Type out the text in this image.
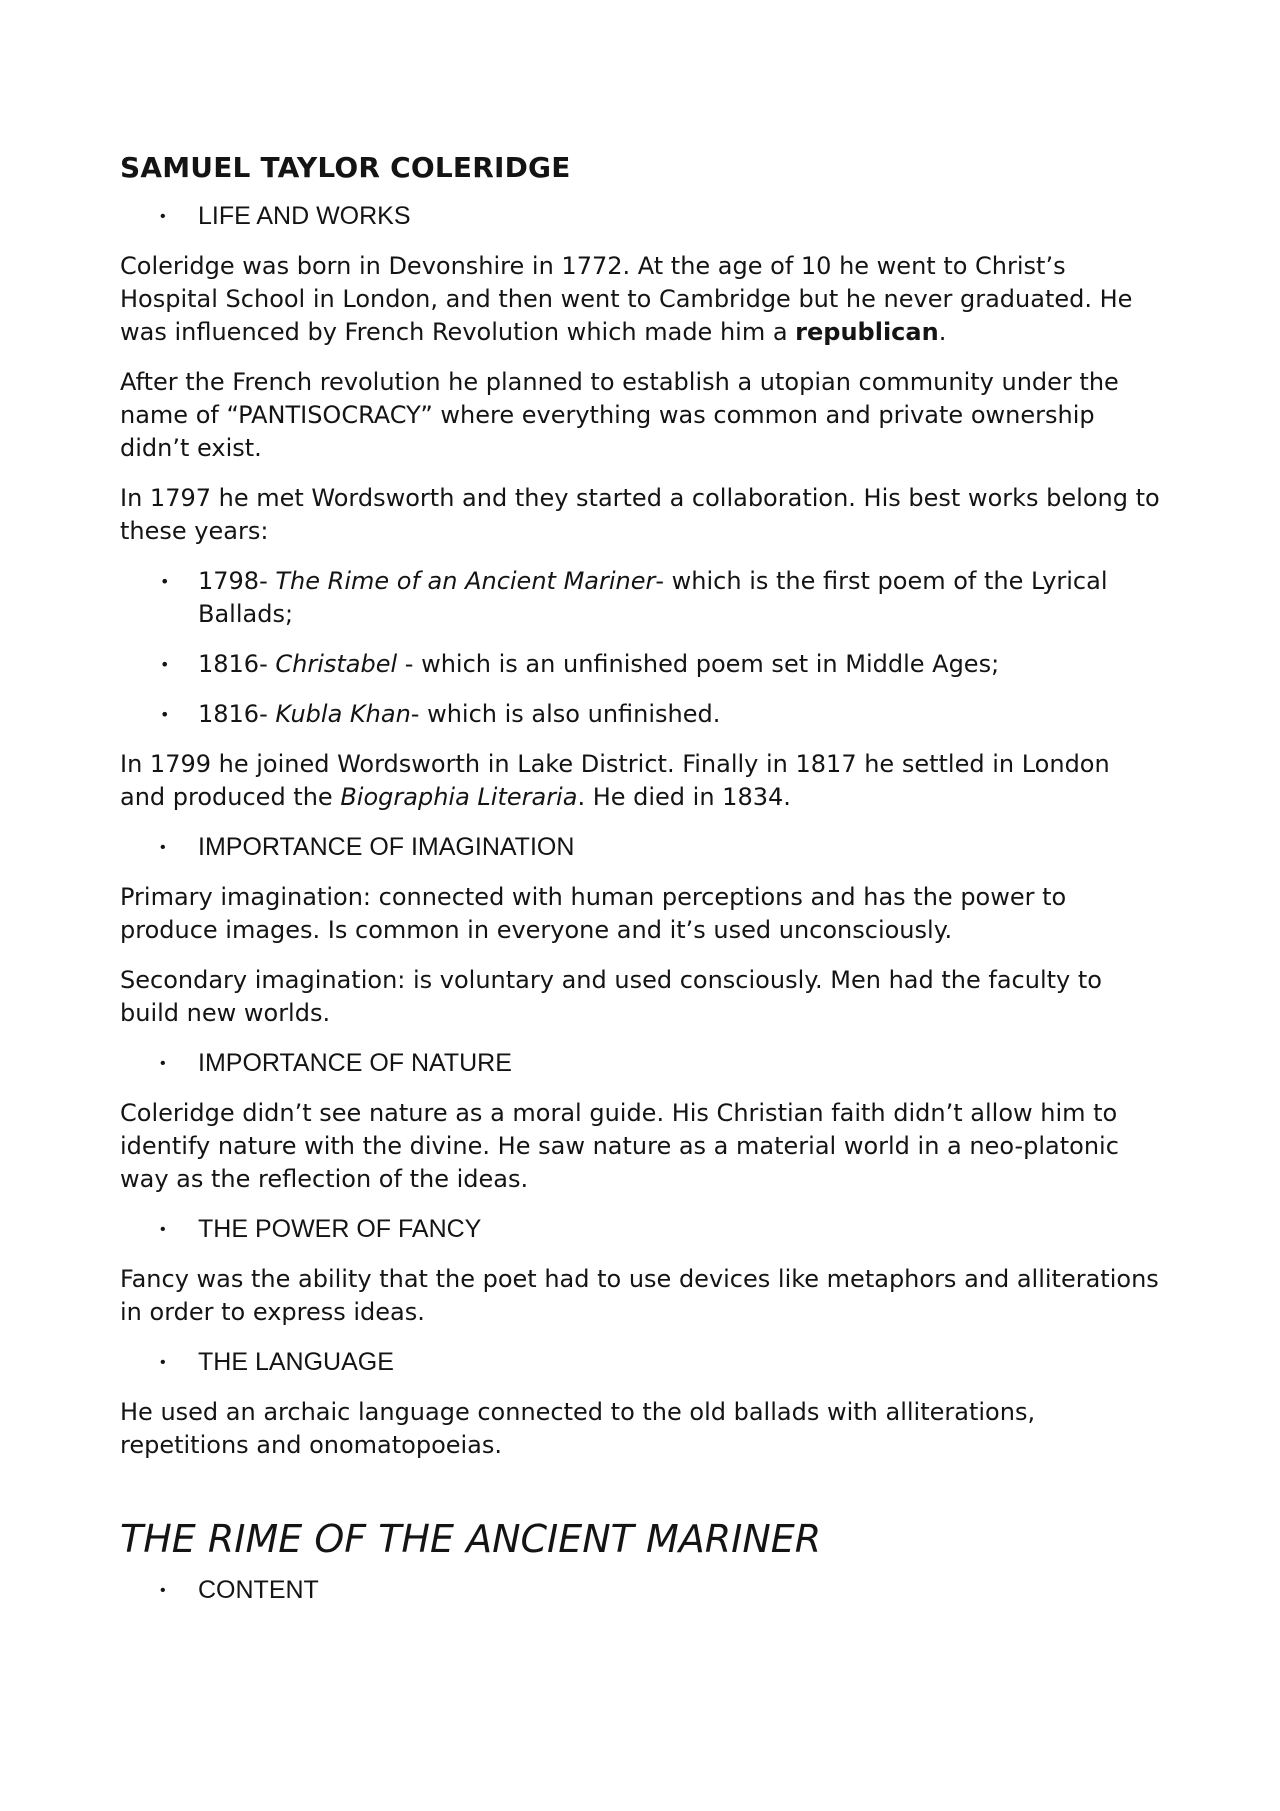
SAMUEL TAYLOR COLERIDGE
• LIFE AND WORKS
Coleridge was born in Devonshire in 1772. At the age of 10 he went to Christ’s Hospital School in London, and then went to Cambridge but he never graduated. He was influenced by French Revolution which made him a republican.
After the French revolution he planned to establish a utopian community under the name of “PANTISOCRACY” where everything was common and private ownership didn’t exist.
In 1797 he met Wordsworth and they started a collaboration. His best works belong to these years:
• 1798- The Rime of an Ancient Mariner- which is the first poem of the Lyrical Ballads;
• 1816- Christabel - which is an unfinished poem set in Middle Ages;
• 1816- Kubla Khan- which is also unfinished.
In 1799 he joined Wordsworth in Lake District. Finally in 1817 he settled in London and produced the Biographia Literaria. He died in 1834.
• IMPORTANCE OF IMAGINATION
Primary imagination: connected with human perceptions and has the power to produce images. Is common in everyone and it’s used unconsciously.
Secondary imagination: is voluntary and used consciously. Men had the faculty to build new worlds.
• IMPORTANCE OF NATURE
Coleridge didn’t see nature as a moral guide. His Christian faith didn’t allow him to identify nature with the divine. He saw nature as a material world in a neo-platonic way as the reflection of the ideas.
• THE POWER OF FANCY
Fancy was the ability that the poet had to use devices like metaphors and alliterations in order to express ideas.
• THE LANGUAGE
He used an archaic language connected to the old ballads with alliterations, repetitions and onomatopoeias.
THE RIME OF THE ANCIENT MARINER
• CONTENT
